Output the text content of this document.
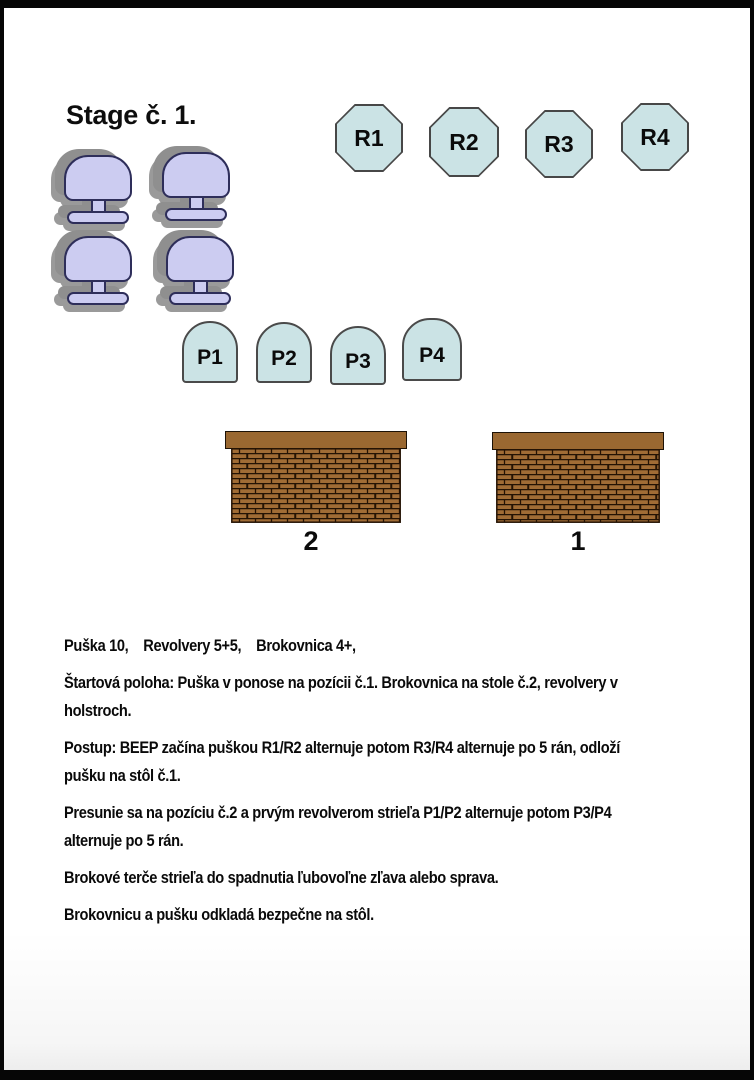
Stage č. 1.
R1	R2	R3	R4
P1 P2 P3 P4
2	1

Puška 10,    Revolvery 5+5,    Brokovnica 4+,

Štartová poloha: Puška v ponose na pozícii č.1. Brokovnica na stole č.2, revolvery v
holstroch.

Postup: BEEP začína puškou R1/R2 alternuje potom R3/R4 alternuje po 5 rán, odloží
pušku na stôl č.1.

Presunie sa na pozíciu č.2 a prvým revolverom strieľa P1/P2 alternuje potom P3/P4
alternuje po 5 rán.

Brokové terče strieľa do spadnutia ľubovoľne zľava alebo sprava.

Brokovnicu a pušku odkladá bezpečne na stôl.
